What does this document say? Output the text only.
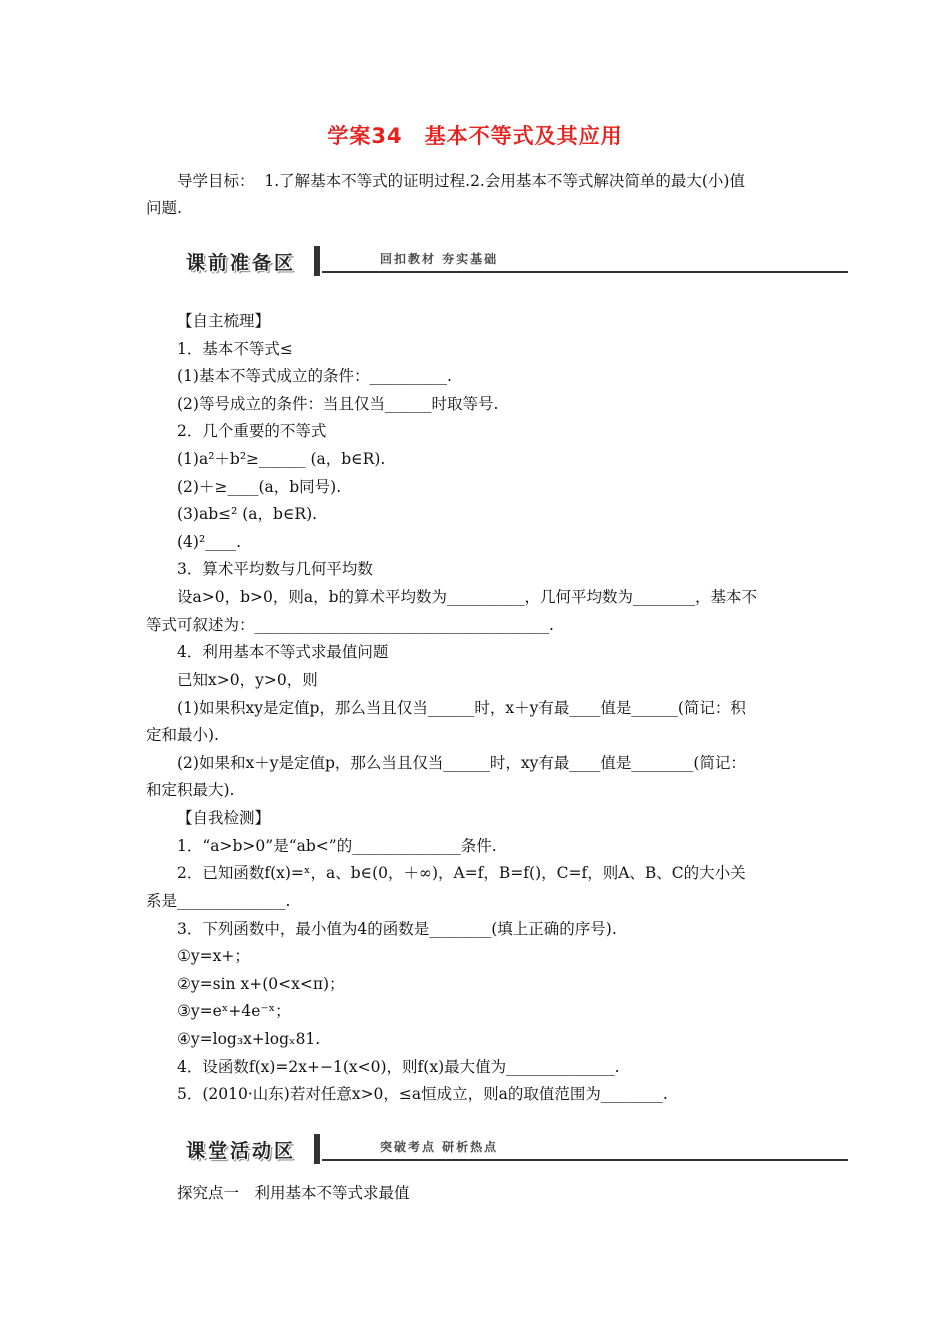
学案34　基本不等式及其应用
导学目标：  1.了解基本不等式的证明过程.2.会用基本不等式解决简单的最大(小)值
问题.
课前准备区	回扣教材 夯实基础
【自主梳理】
1．基本不等式≤
(1)基本不等式成立的条件：__________.
(2)等号成立的条件：当且仅当______时取等号.
2．几个重要的不等式
(1)a²＋b²≥______ (a，b∈R).
(2)＋≥____(a，b同号).
(3)ab≤² (a，b∈R).
(4)²____.
3．算术平均数与几何平均数
设a>0，b>0，则a，b的算术平均数为__________，几何平均数为________，基本不
等式可叙述为：______________________________________.
4．利用基本不等式求最值问题
已知x>0，y>0，则
(1)如果积xy是定值p，那么当且仅当______时，x＋y有最____值是______(简记：积
定和最小).
(2)如果和x＋y是定值p，那么当且仅当______时，xy有最____值是________(简记：
和定积最大).
【自我检测】
1．“a>b>0”是“ab<”的______________条件.
2．已知函数f(x)=ˣ，a、b∈(0，＋∞)，A=f，B=f()，C=f，则A、B、C的大小关
系是______________.
3．下列函数中，最小值为4的函数是________(填上正确的序号).
①y=x+；
②y=sin x+(0<x<π)；
③y=eˣ+4e⁻ˣ；
④y=log₃x+logₓ81.
4．设函数f(x)=2x+−1(x<0)，则f(x)最大值为______________.
5．(2010·山东)若对任意x>0，≤a恒成立，则a的取值范围为________.
课堂活动区	突破考点 研析热点
探究点一　利用基本不等式求最值
